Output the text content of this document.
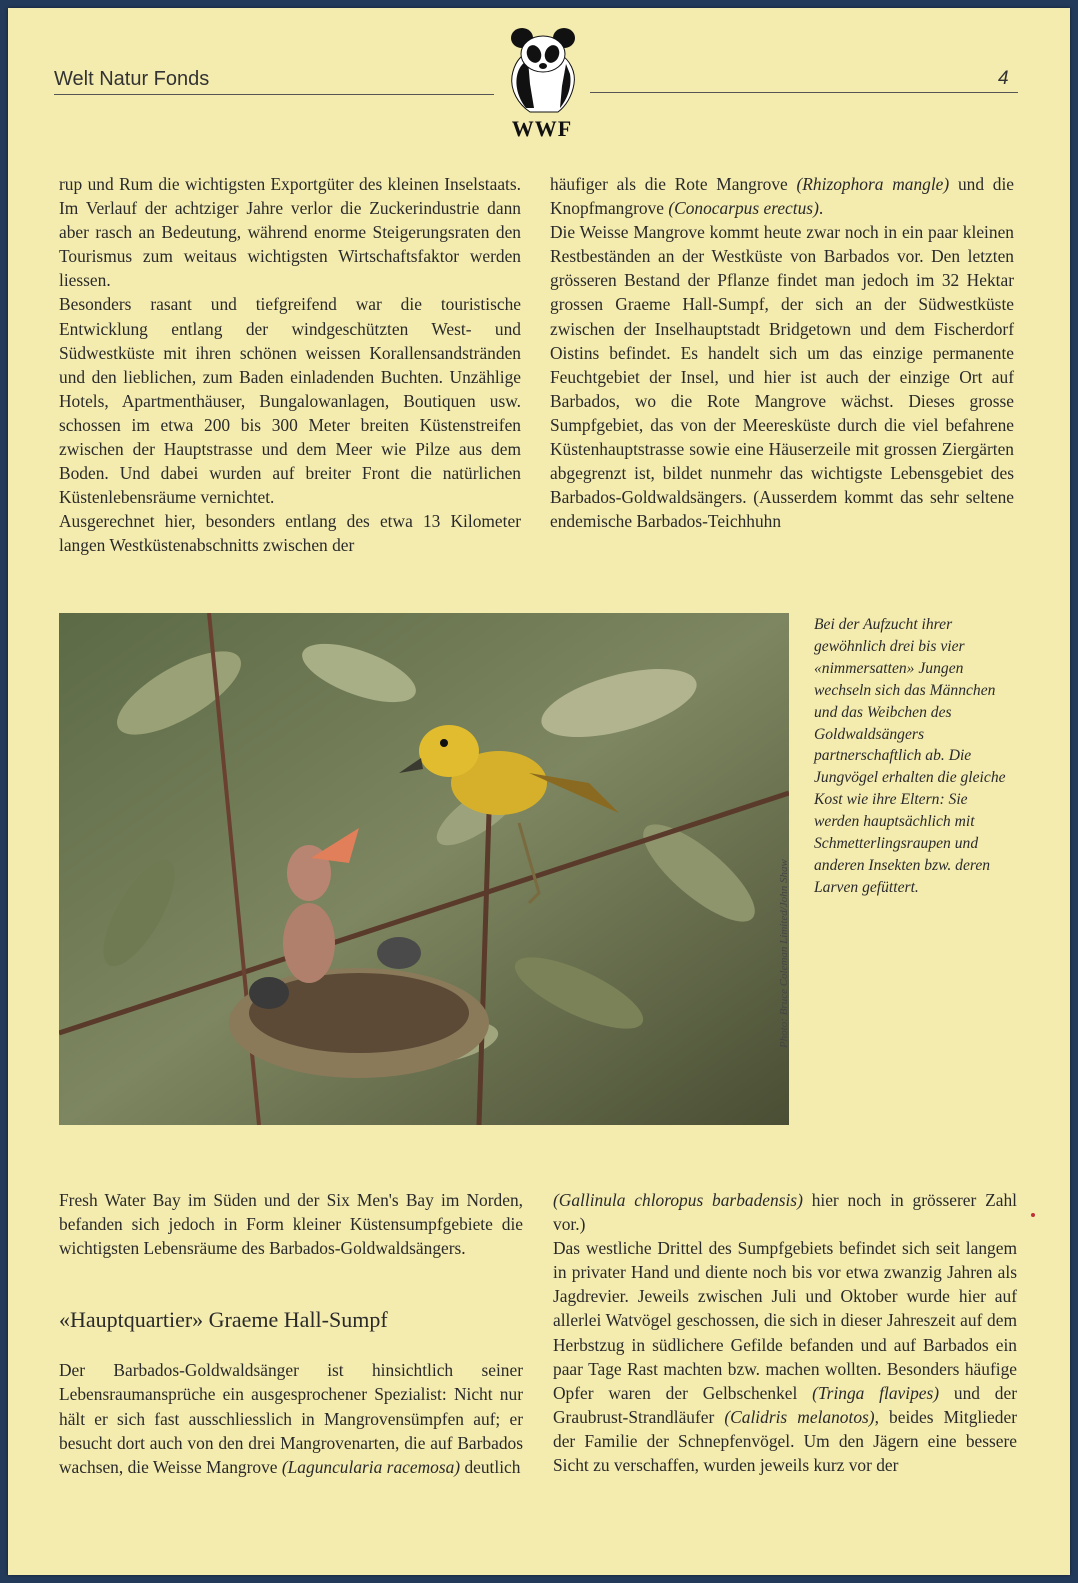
Welt Natur Fonds	4
WWF

rup und Rum die wichtigsten Exportgüter des kleinen Inselstaats. Im Verlauf der achtziger Jahre verlor die Zuckerindustrie dann aber rasch an Bedeutung, während enorme Steigerungsraten den Tourismus zum weitaus wichtigsten Wirtschaftsfaktor werden liessen.

Besonders rasant und tiefgreifend war die touristische Entwicklung entlang der windgeschützten West- und Südwestküste mit ihren schönen weissen Korallensandstränden und den lieblichen, zum Baden einladenden Buchten. Unzählige Hotels, Apartmenthäuser, Bungalowanlagen, Boutiquen usw. schossen im etwa 200 bis 300 Meter breiten Küstenstreifen zwischen der Hauptstrasse und dem Meer wie Pilze aus dem Boden. Und dabei wurden auf breiter Front die natürlichen Küstenlebensräume vernichtet.

Ausgerechnet hier, besonders entlang des etwa 13 Kilometer langen Westküstenabschnitts zwischen der

häufiger als die Rote Mangrove (Rhizophora mangle) und die Knopfmangrove (Conocarpus erectus).

Die Weisse Mangrove kommt heute zwar noch in ein paar kleinen Restbeständen an der Westküste von Barbados vor. Den letzten grösseren Bestand der Pflanze findet man jedoch im 32 Hektar grossen Graeme Hall-Sumpf, der sich an der Südwestküste zwischen der Inselhauptstadt Bridgetown und dem Fischerdorf Oistins befindet. Es handelt sich um das einzige permanente Feuchtgebiet der Insel, und hier ist auch der einzige Ort auf Barbados, wo die Rote Mangrove wächst. Dieses grosse Sumpfgebiet, das von der Meeresküste durch die viel befahrene Küstenhauptstrasse sowie eine Häuserzeile mit grossen Ziergärten abgegrenzt ist, bildet nunmehr das wichtigste Lebensgebiet des Barbados-Goldwaldsängers. (Ausserdem kommt das sehr seltene endemische Barbados-Teichhuhn

Photo: Bruce Coleman Limited/John Shaw
Bei der Aufzucht ihrer gewöhnlich drei bis vier «nimmersatten» Jungen wechseln sich das Männchen und das Weibchen des Goldwaldsängers partnerschaftlich ab. Die Jungvögel erhalten die gleiche Kost wie ihre Eltern: Sie werden hauptsächlich mit Schmetterlingsraupen und anderen Insekten bzw. deren Larven gefüttert.

Fresh Water Bay im Süden und der Six Men's Bay im Norden, befanden sich jedoch in Form kleiner Küstensumpfgebiete die wichtigsten Lebensräume des Barbados-Goldwaldsängers.

«Hauptquartier» Graeme Hall-Sumpf

Der Barbados-Goldwaldsänger ist hinsichtlich seiner Lebensraumansprüche ein ausgesprochener Spezialist: Nicht nur hält er sich fast ausschliesslich in Mangrovensümpfen auf; er besucht dort auch von den drei Mangrovenarten, die auf Barbados wachsen, die Weisse Mangrove (Laguncularia racemosa) deutlich

(Gallinula chloropus barbadensis) hier noch in grösserer Zahl vor.)

Das westliche Drittel des Sumpfgebiets befindet sich seit langem in privater Hand und diente noch bis vor etwa zwanzig Jahren als Jagdrevier. Jeweils zwischen Juli und Oktober wurde hier auf allerlei Watvögel geschossen, die sich in dieser Jahreszeit auf dem Herbstzug in südlichere Gefilde befanden und auf Barbados ein paar Tage Rast machten bzw. machen wollten. Besonders häufige Opfer waren der Gelbschenkel (Tringa flavipes) und der Graubrust-Strandläufer (Calidris melanotos), beides Mitglieder der Familie der Schnepfenvögel. Um den Jägern eine bessere Sicht zu verschaffen, wurden jeweils kurz vor der
